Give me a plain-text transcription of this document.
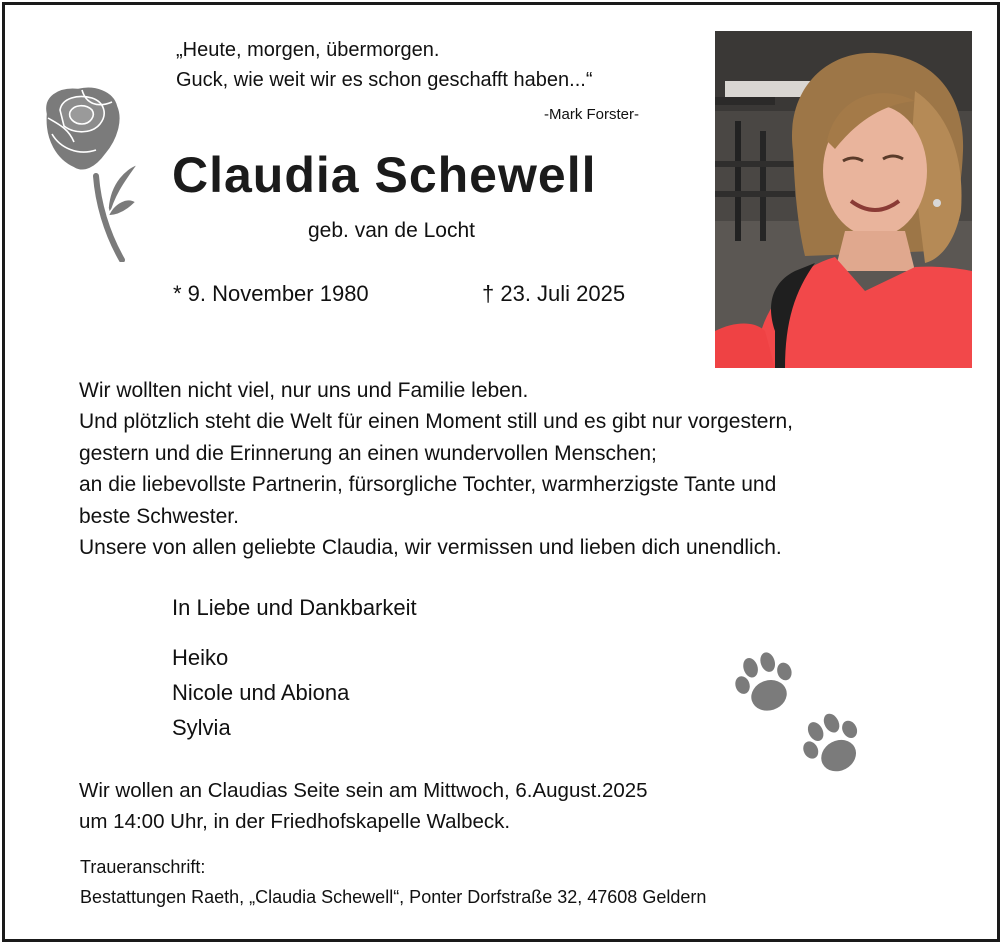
„Heute, morgen, übermorgen.

Guck, wie weit wir es schon geschafft haben...“

-Mark Forster-

Claudia Schewell

geb. van de Locht

* 9. November 1980	† 23. Juli 2025

Wir wollten nicht viel, nur uns und Familie leben.

Und plötzlich steht die Welt für einen Moment still und es gibt nur vorgestern,

gestern und die Erinnerung an einen wundervollen Menschen;

an die liebevollste Partnerin, fürsorgliche Tochter, warmherzigste Tante und

beste Schwester.

Unsere von allen geliebte Claudia, wir vermissen und lieben dich unendlich.

In Liebe und Dankbarkeit

Heiko

Nicole und Abiona

Sylvia

Wir wollen an Claudias Seite sein am Mittwoch, 6.August.2025

um 14:00 Uhr, in der Friedhofskapelle Walbeck.

Traueranschrift:

Bestattungen Raeth, „Claudia Schewell“, Ponter Dorfstraße 32, 47608 Geldern
